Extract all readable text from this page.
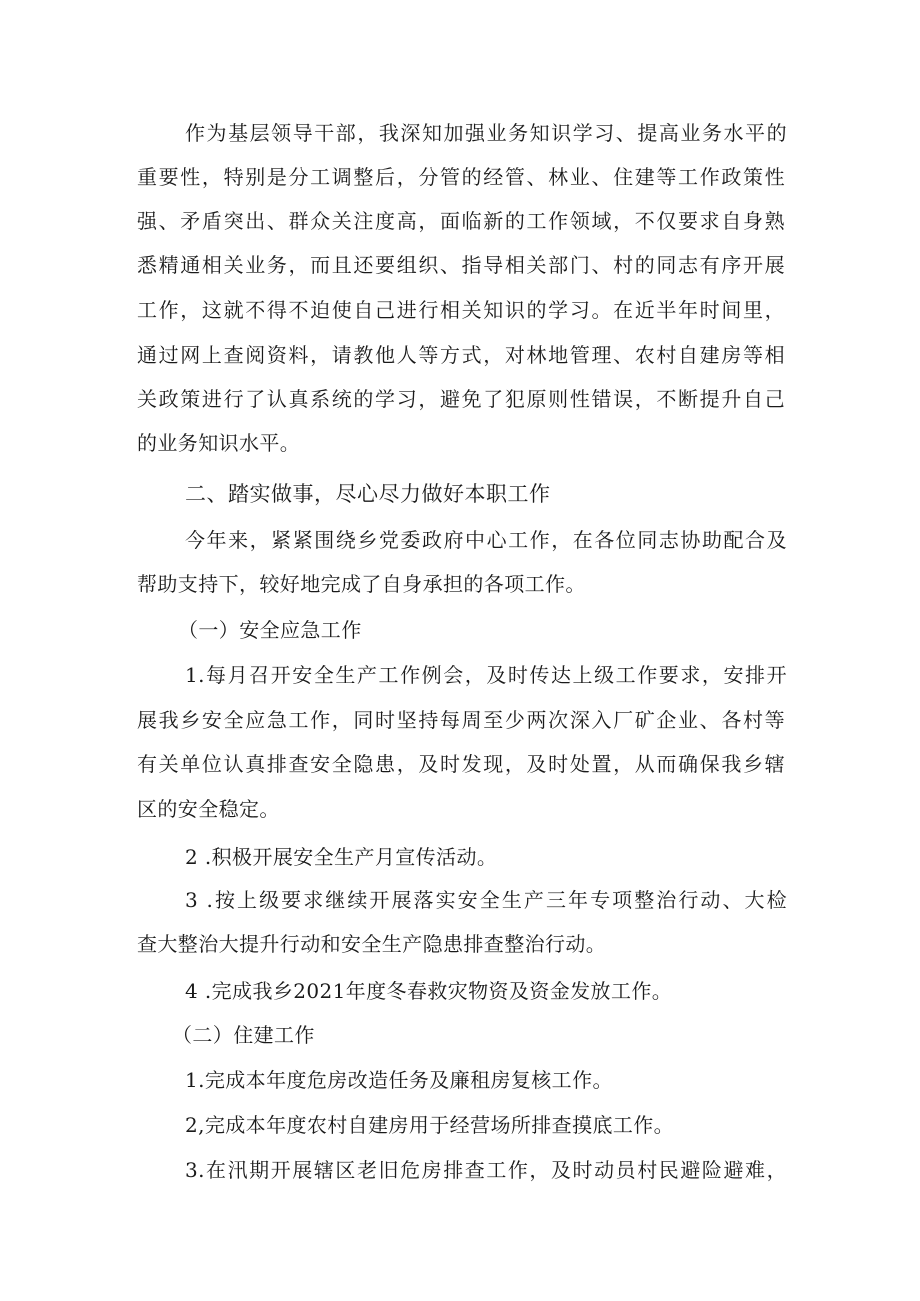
作为基层领导干部，我深知加强业务知识学习、提高业务水平的
重要性，特别是分工调整后，分管的经管、林业、住建等工作政策性
强、矛盾突出、群众关注度高，面临新的工作领域，不仅要求自身熟
悉精通相关业务，而且还要组织、指导相关部门、村的同志有序开展
工作，这就不得不迫使自己进行相关知识的学习。在近半年时间里，
通过网上查阅资料，请教他人等方式，对林地管理、农村自建房等相
关政策进行了认真系统的学习，避免了犯原则性错误，不断提升自己
的业务知识水平。
二、踏实做事，尽心尽力做好本职工作
今年来，紧紧围绕乡党委政府中心工作，在各位同志协助配合及
帮助支持下，较好地完成了自身承担的各项工作。
（一）安全应急工作
1.每月召开安全生产工作例会，及时传达上级工作要求，安排开
展我乡安全应急工作，同时坚持每周至少两次深入厂矿企业、各村等
有关单位认真排查安全隐患，及时发现，及时处置，从而确保我乡辖
区的安全稳定。
2 .积极开展安全生产月宣传活动。
3 .按上级要求继续开展落实安全生产三年专项整治行动、大检
查大整治大提升行动和安全生产隐患排查整治行动。
4 .完成我乡2021年度冬春救灾物资及资金发放工作。
（二）住建工作
1.完成本年度危房改造任务及廉租房复核工作。
2,完成本年度农村自建房用于经营场所排查摸底工作。
3.在汛期开展辖区老旧危房排查工作，及时动员村民避险避难，
